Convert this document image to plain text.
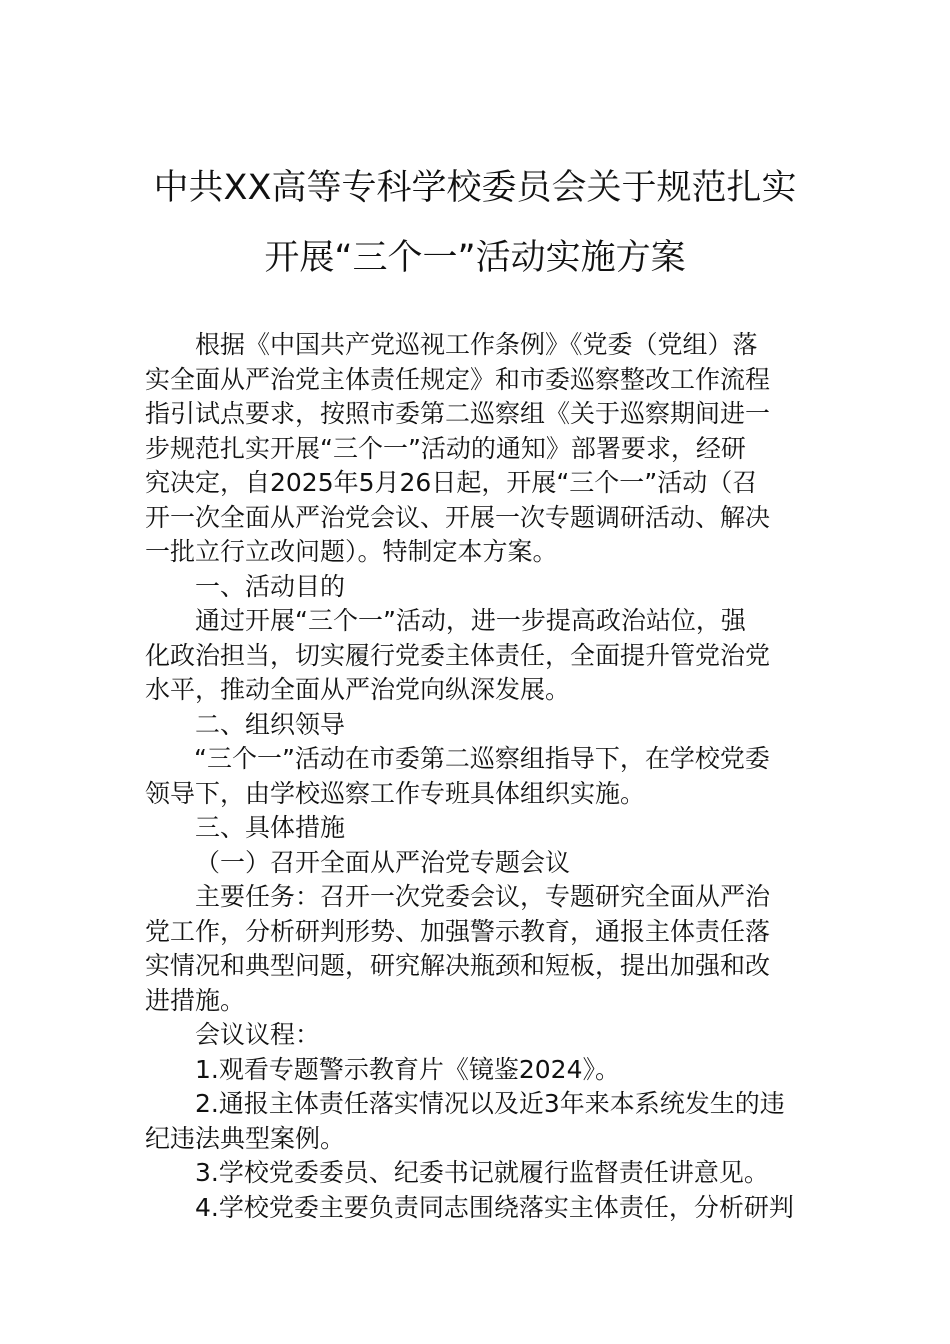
中共XX高等专科学校委员会关于规范扎实
开展“三个一”活动实施方案

根据《中国共产党巡视工作条例》《党委（党组）落

实全面从严治党主体责任规定》和市委巡察整改工作流程

指引试点要求，按照市委第二巡察组《关于巡察期间进一

步规范扎实开展“三个一”活动的通知》部署要求，经研

究决定，自2025年5月26日起，开展“三个一”活动（召

开一次全面从严治党会议、开展一次专题调研活动、解决

一批立行立改问题）。特制定本方案。

一、活动目的

通过开展“三个一”活动，进一步提高政治站位，强

化政治担当，切实履行党委主体责任，全面提升管党治党

水平，推动全面从严治党向纵深发展。

二、组织领导

“三个一”活动在市委第二巡察组指导下，在学校党委

领导下，由学校巡察工作专班具体组织实施。

三、具体措施

（一）召开全面从严治党专题会议

主要任务：召开一次党委会议，专题研究全面从严治

党工作，分析研判形势、加强警示教育，通报主体责任落

实情况和典型问题，研究解决瓶颈和短板，提出加强和改

进措施。

会议议程：

1.观看专题警示教育片《镜鉴2024》。

2.通报主体责任落实情况以及近3年来本系统发生的违

纪违法典型案例。

3.学校党委委员、纪委书记就履行监督责任讲意见。

4.学校党委主要负责同志围绕落实主体责任，分析研判
